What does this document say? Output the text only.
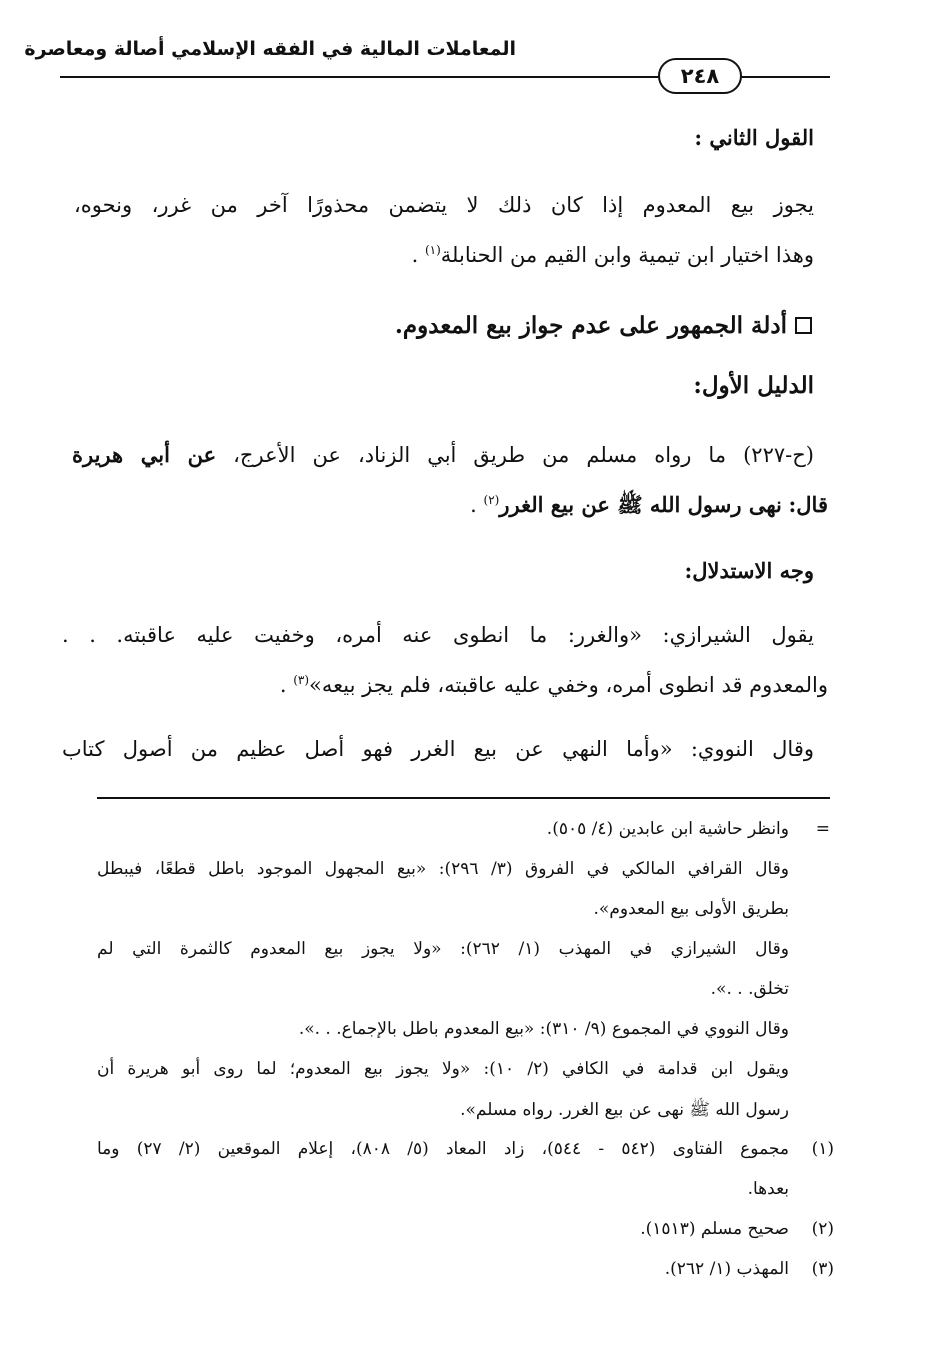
المعاملات المالية في الفقه الإسلامي أصالة ومعاصرة
٢٤٨
القول الثاني :
يجوز بيع المعدوم إذا كان ذلك لا يتضمن محذورًا آخر من غرر، ونحوه،
وهذا اختيار ابن تيمية وابن القيم من الحنابلة$^{(١)}$ .
أدلة الجمهور على عدم جواز بيع المعدوم.
الدليل الأول:
(ح-٢٢٧) ما رواه مسلم من طريق أبي الزناد، عن الأعرج، عن أبي هريرة
قال: نهى رسول الله ﷺ عن بيع الغرر$^{(٢)}$ .
وجه الاستدلال:
يقول الشيرازي: «والغرر: ما انطوى عنه أمره، وخفيت عليه عاقبته. . .
والمعدوم قد انطوى أمره، وخفي عليه عاقبته، فلم يجز بيعه»$^{(٣)}$ .
وقال النووي: «وأما النهي عن بيع الغرر فهو أصل عظيم من أصول كتاب
=
وانظر حاشية ابن عابدين (٤/ ٥٠٥).
وقال القرافي المالكي في الفروق (٣/ ٢٩٦): «بيع المجهول الموجود باطل قطعًا، فيبطل
بطريق الأولى بيع المعدوم».
وقال الشيرازي في المهذب (١/ ٢٦٢): «ولا يجوز بيع المعدوم كالثمرة التي لم
تخلق. . .».
وقال النووي في المجموع (٩/ ٣١٠): «بيع المعدوم باطل بالإجماع. . .».
ويقول ابن قدامة في الكافي (٢/ ١٠): «ولا يجوز بيع المعدوم؛ لما روى أبو هريرة أن
رسول الله ﷺ نهى عن بيع الغرر. رواه مسلم».
(١)
مجموع الفتاوى (٥٤٢ - ٥٤٤)، زاد المعاد (٥/ ٨٠٨)، إعلام الموقعين (٢/ ٢٧) وما
بعدها.
(٢)
صحيح مسلم (١٥١٣).
(٣)
المهذب (١/ ٢٦٢).
